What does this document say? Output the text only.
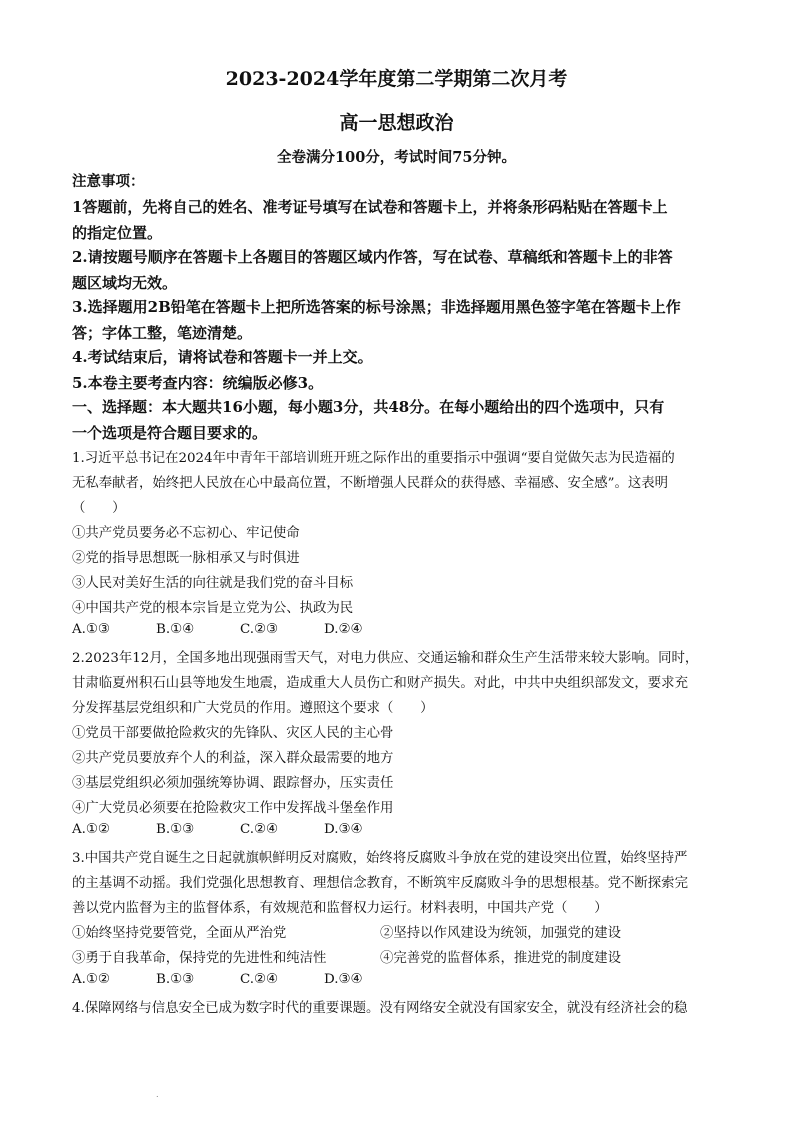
2023-2024学年度第二学期第二次月考
高一思想政治
全卷满分100分，考试时间75分钟。
注意事项：
1答题前，先将自己的姓名、准考证号填写在试卷和答题卡上，并将条形码粘贴在答题卡上
的指定位置。
2.请按题号顺序在答题卡上各题目的答题区域内作答，写在试卷、草稿纸和答题卡上的非答
题区域均无效。
3.选择题用2B铅笔在答题卡上把所选答案的标号涂黑；非选择题用黑色签字笔在答题卡上作
答；字体工整，笔迹清楚。
4.考试结束后，请将试卷和答题卡一并上交。
5.本卷主要考查内容：统编版必修3。
一、选择题：本大题共16小题，每小题3分，共48分。在每小题给出的四个选项中，只有
一个选项是符合题目要求的。
1.习近平总书记在2024年中青年干部培训班开班之际作出的重要指示中强调“要自觉做矢志为民造福的
无私奉献者，始终把人民放在心中最高位置，不断增强人民群众的获得感、幸福感、安全感”。这表明
（　　）
①共产党员要务必不忘初心、牢记使命
②党的指导思想既一脉相承又与时俱进
③人民对美好生活的向往就是我们党的奋斗目标
④中国共产党的根本宗旨是立党为公、执政为民
A.①③	B.①④	C.②③	D.②④
2.2023年12月，全国多地出现强雨雪天气，对电力供应、交通运输和群众生产生活带来较大影响。同时，
甘肃临夏州积石山县等地发生地震，造成重大人员伤亡和财产损失。对此，中共中央组织部发文，要求充
分发挥基层党组织和广大党员的作用。遵照这个要求（　　）
①党员干部要做抢险救灾的先锋队、灾区人民的主心骨
②共产党员要放弃个人的利益，深入群众最需要的地方
③基层党组织必须加强统筹协调、跟踪督办，压实责任
④广大党员必须要在抢险救灾工作中发挥战斗堡垒作用
A.①②	B.①③	C.②④	D.③④
3.中国共产党自诞生之日起就旗帜鲜明反对腐败，始终将反腐败斗争放在党的建设突出位置，始终坚持严
的主基调不动摇。我们党强化思想教育、理想信念教育，不断筑牢反腐败斗争的思想根基。党不断探索完
善以党内监督为主的监督体系，有效规范和监督权力运行。材料表明，中国共产党（　　）
①始终坚持党要管党，全面从严治党	②坚持以作风建设为统领，加强党的建设
③勇于自我革命，保持党的先进性和纯洁性	④完善党的监督体系，推进党的制度建设
A.①②	B.①③	C.②④	D.③④
4.保障网络与信息安全已成为数字时代的重要课题。没有网络安全就没有国家安全，就没有经济社会的稳
.
